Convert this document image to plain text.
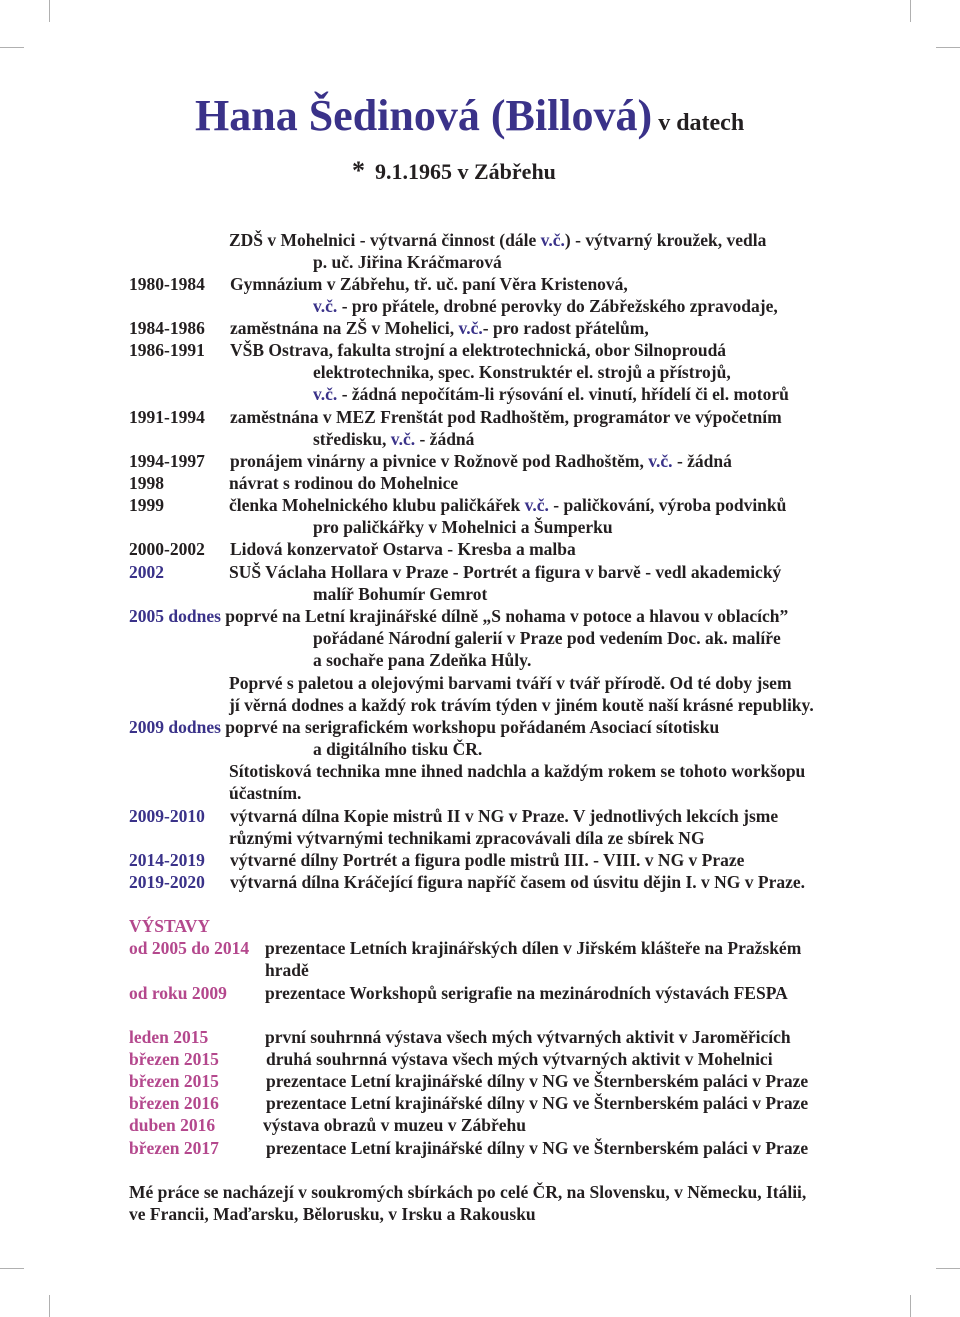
Hana Šedinová (Billová) v datech
* 9.1.1965 v Zábřehu
ZDŠ v Mohelnici - výtvarná činnost (dále v.č.) - výtvarný kroužek, vedla
p. uč. Jiřina Kráčmarová
1980-1984 Gymnázium v Zábřehu, tř. uč. paní Věra Kristenová,
v.č. - pro přátele, drobné perovky do Zábřežského zpravodaje,
1984-1986 zaměstnána na ZŠ v Mohelici, v.č.- pro radost přátelům,
1986-1991 VŠB Ostrava, fakulta strojní a elektrotechnická, obor Silnoproudá
elektrotechnika, spec. Konstruktér el. strojů a přístrojů,
v.č. - žádná nepočítám-li rýsování el. vinutí, hřídelí či el. motorů
1991-1994 zaměstnána v MEZ Frenštát pod Radhoštěm, programátor ve výpočetním
středisku, v.č. - žádná
1994-1997 pronájem vinárny a pivnice v Rožnově pod Radhoštěm, v.č. - žádná
1998	návrat s rodinou do Mohelnice
1999	členka Mohelnického klubu paličkářek v.č. - paličkování, výroba podvinků
pro paličkářky v Mohelnici a Šumperku
2000-2002 Lidová konzervatoř Ostarva - Kresba a malba
2002	SUŠ Václaha Hollara v Praze - Portrét a figura v barvě - vedl akademický
malíř Bohumír Gemrot
2005 dodnes poprvé na Letní krajinářské dílně „S nohama v potoce a hlavou v oblacích”
pořádané Národní galerií v Praze pod vedením Doc. ak. malíře
a sochaře pana Zdeňka Hůly.
Poprvé s paletou a olejovými barvami tváří v tvář přírodě. Od té doby jsem
jí věrná dodnes a každý rok trávím týden v jiném koutě naší krásné republiky.
2009 dodnes poprvé na serigrafickém workshopu pořádaném Asociací sítotisku
a digitálního tisku ČR.
Sítotisková technika mne ihned nadchla a každým rokem se tohoto workšopu
účastním.
2009-2010 výtvarná dílna Kopie mistrů II v NG v Praze. V jednotlivých lekcích jsme
různými výtvarnými technikami zpracovávali díla ze sbírek NG
2014-2019 výtvarné dílny Portrét a figura podle mistrů III. - VIII. v NG v Praze
2019-2020 výtvarná dílna Kráčející figura napříč časem od úsvitu dějin I. v NG v Praze.
VÝSTAVY
od 2005 do 2014 prezentace Letních krajinářských dílen v Jiřském klášteře na Pražském
hradě
od roku 2009 prezentace Workshopů serigrafie na mezinárodních výstavách FESPA
leden 2015	první souhrnná výstava všech mých výtvarných aktivit v Jaroměřicích
březen 2015	druhá souhrnná výstava všech mých výtvarných aktivit v Mohelnici
březen 2015	prezentace Letní krajinářské dílny v NG ve Šternberském paláci v Praze
březen 2016	prezentace Letní krajinářské dílny v NG ve Šternberském paláci v Praze
duben 2016	výstava obrazů v muzeu v Zábřehu
březen 2017	prezentace Letní krajinářské dílny v NG ve Šternberském paláci v Praze
Mé práce se nacházejí v soukromých sbírkách po celé ČR, na Slovensku, v Německu, Itálii,
ve Francii, Maďarsku, Bělorusku, v Irsku a Rakousku
